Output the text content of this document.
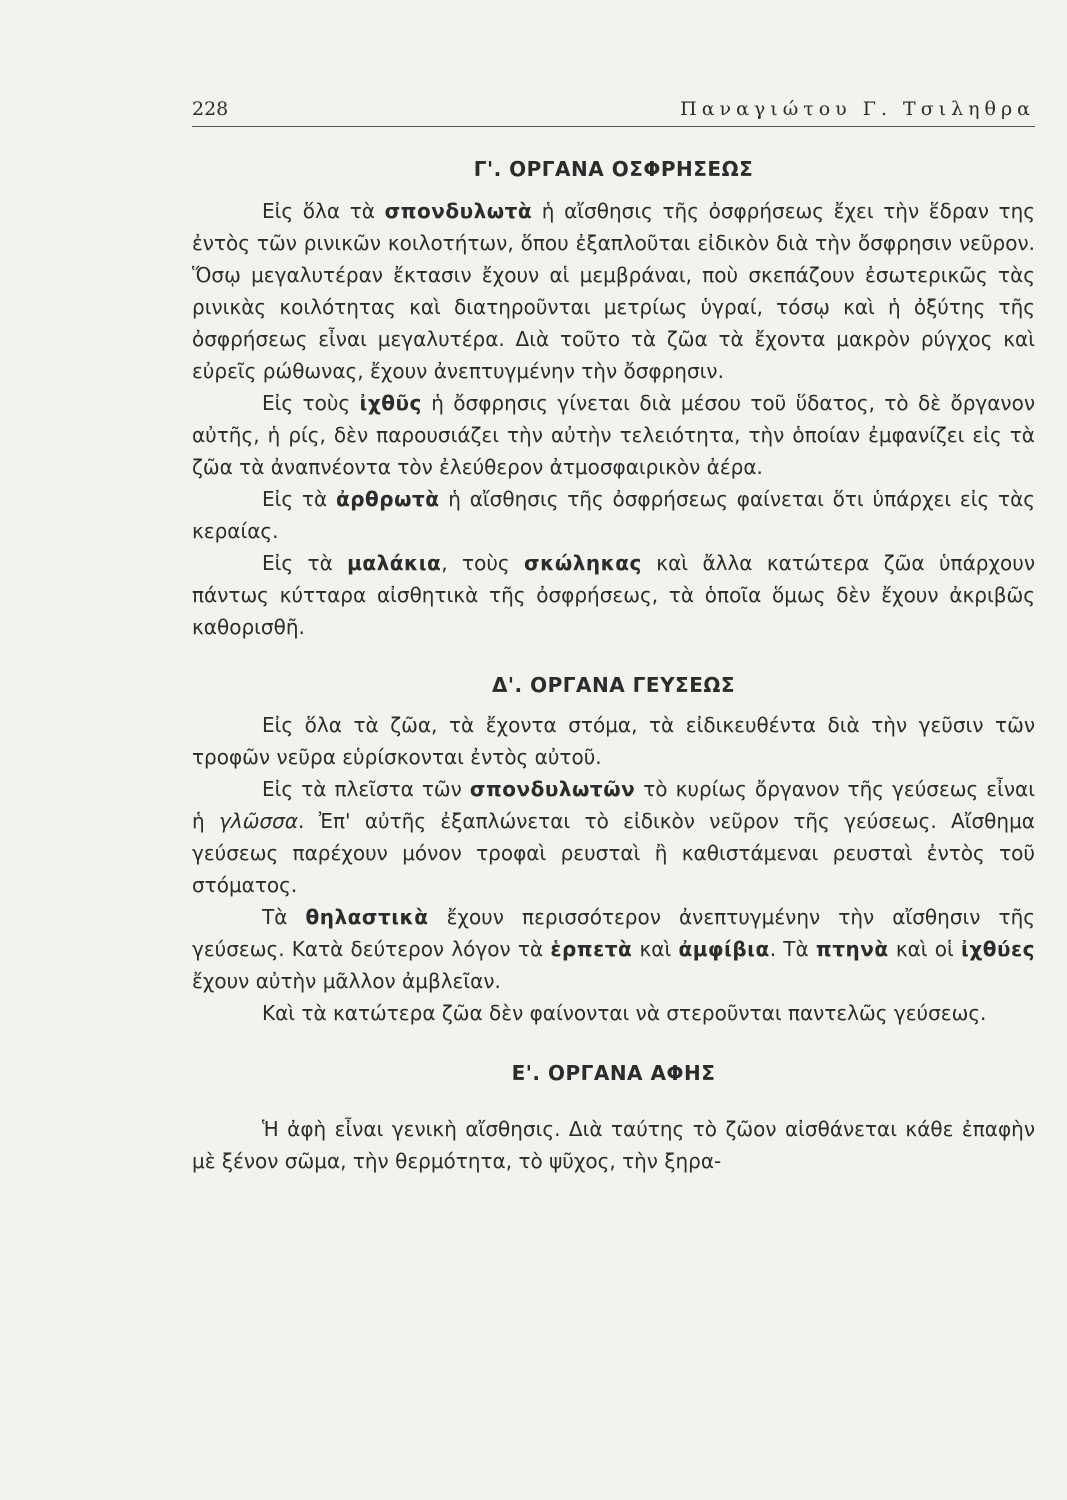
228	Παναγιώτου Γ. Τσιληθρα
Γ'. ΟΡΓΑΝΑ ΟΣΦΡΗΣΕΩΣ

Εἰς ὅλα τὰ σπονδυλωτὰ ἡ αἴσθησις τῆς ὀσφρήσεως ἔχει τὴν ἕδραν της ἐντὸς τῶν ρινικῶν κοιλοτήτων, ὅπου ἐξαπλοῦται εἰδικὸν διὰ τὴν ὄσφρησιν νεῦρον. Ὅσῳ μεγαλυτέραν ἔκτασιν ἔχουν αἱ μεμβράναι, ποὺ σκεπάζουν ἐσωτερικῶς τὰς ρινικὰς κοιλότητας καὶ διατηροῦνται μετρίως ὑγραί, τόσῳ καὶ ἡ ὀξύτης τῆς ὀσφρήσεως εἶναι μεγαλυτέρα. Διὰ τοῦτο τὰ ζῶα τὰ ἔχοντα μακρὸν ρύγχος καὶ εὐρεῖς ρώθωνας, ἔχουν ἀνεπτυγμένην τὴν ὄσφρησιν.

Εἰς τοὺς ἰχθῦς ἡ ὄσφρησις γίνεται διὰ μέσου τοῦ ὕδατος, τὸ δὲ ὄργανον αὐτῆς, ἡ ρίς, δὲν παρουσιάζει τὴν αὐτὴν τελειότητα, τὴν ὁποίαν ἐμφανίζει εἰς τὰ ζῶα τὰ ἀναπνέοντα τὸν ἐλεύθερον ἀτμοσφαιρικὸν ἀέρα.

Εἰς τὰ ἀρθρωτὰ ἡ αἴσθησις τῆς ὀσφρήσεως φαίνεται ὅτι ὑπάρχει εἰς τὰς κεραίας.

Εἰς τὰ μαλάκια, τοὺς σκώληκας καὶ ἄλλα κατώτερα ζῶα ὑπάρχουν πάντως κύτταρα αἰσθητικὰ τῆς ὀσφρήσεως, τὰ ὁποῖα ὅμως δὲν ἔχουν ἀκριβῶς καθορισθῆ.

Δ'. ΟΡΓΑΝΑ ΓΕΥΣΕΩΣ

Εἰς ὅλα τὰ ζῶα, τὰ ἔχοντα στόμα, τὰ εἰδικευθέντα διὰ τὴν γεῦσιν τῶν τροφῶν νεῦρα εὑρίσκονται ἐντὸς αὐτοῦ.

Εἰς τὰ πλεῖστα τῶν σπονδυλωτῶν τὸ κυρίως ὄργανον τῆς γεύσεως εἶναι ἡ γλῶσσα. Ἐπ' αὐτῆς ἐξαπλώνεται τὸ εἰδικὸν νεῦρον τῆς γεύσεως. Αἴσθημα γεύσεως παρέχουν μόνον τροφαὶ ρευσταὶ ἢ καθιστάμεναι ρευσταὶ ἐντὸς τοῦ στόματος.

Τὰ θηλαστικὰ ἔχουν περισσότερον ἀνεπτυγμένην τὴν αἴσθησιν τῆς γεύσεως. Κατὰ δεύτερον λόγον τὰ ἑρπετὰ καὶ ἀμφίβια. Τὰ πτηνὰ καὶ οἱ ἰχθύες ἔχουν αὐτὴν μᾶλλον ἀμβλεῖαν.

Καὶ τὰ κατώτερα ζῶα δὲν φαίνονται νὰ στεροῦνται παντελῶς γεύσεως.

Ε'. ΟΡΓΑΝΑ ΑΦΗΣ

Ἡ ἀφὴ εἶναι γενικὴ αἴσθησις. Διὰ ταύτης τὸ ζῶον αἰσθάνεται κάθε ἐπαφὴν μὲ ξένον σῶμα, τὴν θερμότητα, τὸ ψῦχος, τὴν ξηρα-
